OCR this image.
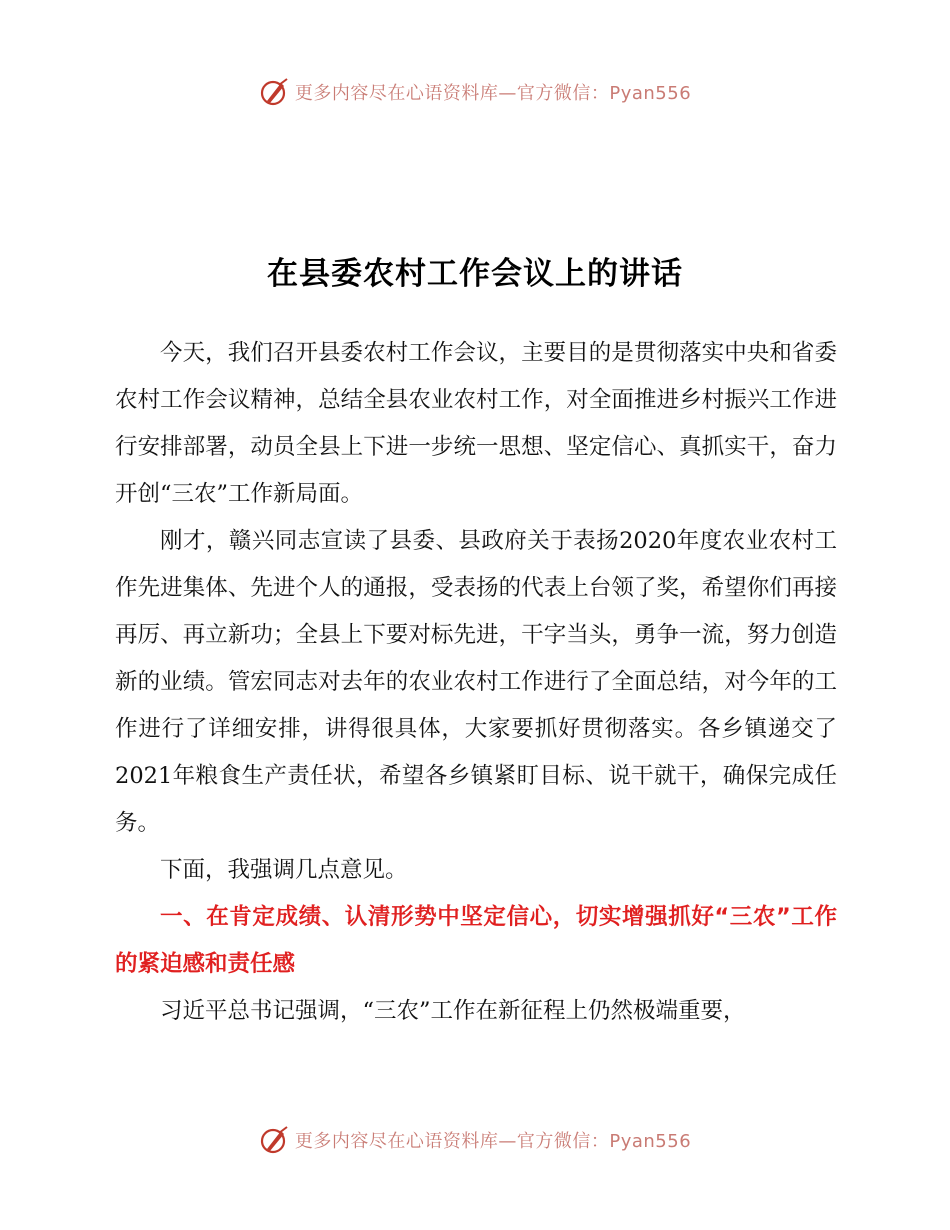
更多内容尽在心语资料库—官方微信：Pyan556
在县委农村工作会议上的讲话

今天，我们召开县委农村工作会议，主要目的是贯彻落实中央和省委农村工作会议精神，总结全县农业农村工作，对全面推进乡村振兴工作进行安排部署，动员全县上下进一步统一思想、坚定信心、真抓实干，奋力开创“三农”工作新局面。

刚才，赣兴同志宣读了县委、县政府关于表扬2020年度农业农村工作先进集体、先进个人的通报，受表扬的代表上台领了奖，希望你们再接再厉、再立新功；全县上下要对标先进，干字当头，勇争一流，努力创造新的业绩。管宏同志对去年的农业农村工作进行了全面总结，对今年的工作进行了详细安排，讲得很具体，大家要抓好贯彻落实。各乡镇递交了2021年粮食生产责任状，希望各乡镇紧盯目标、说干就干，确保完成任务。

下面，我强调几点意见。

一、在肯定成绩、认清形势中坚定信心，切实增强抓好“三农”工作的紧迫感和责任感

习近平总书记强调，“三农”工作在新征程上仍然极端重要，

更多内容尽在心语资料库—官方微信：Pyan556
